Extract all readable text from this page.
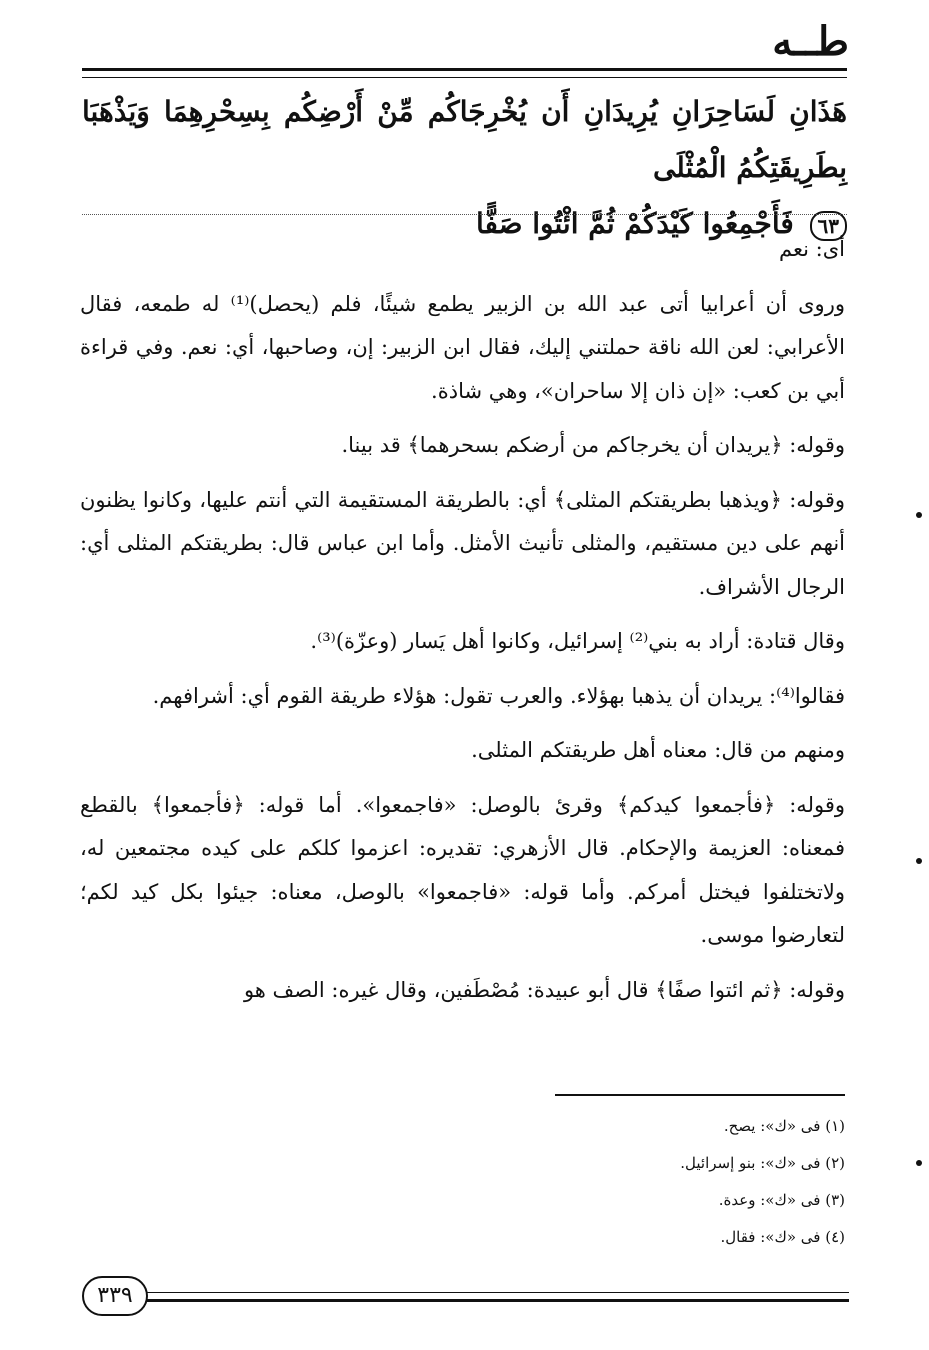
طــه
هَذَانِ لَسَاحِرَانِ يُرِيدَانِ أَن يُخْرِجَاكُم مِّنْ أَرْضِكُم بِسِحْرِهِمَا وَيَذْهَبَا بِطَرِيقَتِكُمُ الْمُثْلَى
٦٣ فَأَجْمِعُوا كَيْدَكُمْ ثُمَّ ائْتُوا صَفًّا

أى: نعم

وروى أن أعرابيا أتى عبد الله بن الزبير يطمع شيئًا، فلم (يحصل)⁽¹⁾ له طمعه، فقال الأعرابي: لعن الله ناقة حملتني إليك، فقال ابن الزبير: إن، وصاحبها، أي: نعم. وفي قراءة أبي بن كعب: «إن ذان إلا ساحران»، وهي شاذة.

وقوله: ﴿يريدان أن يخرجاكم من أرضكم بسحرهما﴾ قد بينا.

وقوله: ﴿ويذهبا بطريقتكم المثلى﴾ أي: بالطريقة المستقيمة التي أنتم عليها، وكانوا يظنون أنهم على دين مستقيم، والمثلى تأنيث الأمثل. وأما ابن عباس قال: بطريقتكم المثلى أي: الرجال الأشراف.

وقال قتادة: أراد به بني⁽²⁾ إسرائيل، وكانوا أهل يَسار (وعزّة)⁽³⁾.

فقالوا⁽⁴⁾: يريدان أن يذهبا بهؤلاء. والعرب تقول: هؤلاء طريقة القوم أي: أشرافهم.

ومنهم من قال: معناه أهل طريقتكم المثلى.

وقوله: ﴿فأجمعوا كيدكم﴾ وقرئ بالوصل: «فاجمعوا». أما قوله: ﴿فأجمعوا﴾ بالقطع فمعناه: العزيمة والإحكام. قال الأزهري: تقديره: اعزموا كلكم على كيده مجتمعين له، ولاتختلفوا فيختل أمركم. وأما قوله: «فاجمعوا» بالوصل، معناه: جيئوا بكل كيد لكم؛ لتعارضوا موسى.

وقوله: ﴿ثم ائتوا صفًا﴾ قال أبو عبيدة: مُصْطَفين، وقال غيره: الصف هو

(١) فى «ك»: يصح.
(٢) فى «ك»: بنو إسرائيل.
(٣) فى «ك»: وعدة.
(٤) فى «ك»: فقال.
٣٣٩
